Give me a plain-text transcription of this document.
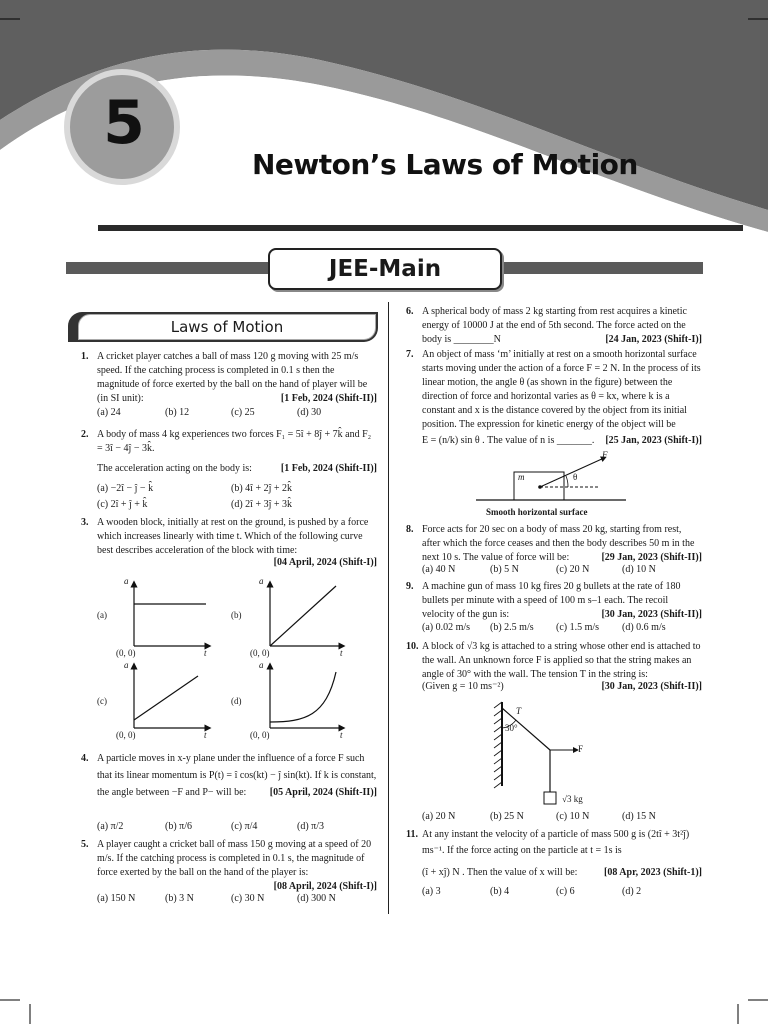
5
Newton’s Laws of Motion
JEE-Main
Laws of Motion
1. A cricket player catches a ball of mass 120 g moving with 25 m/s speed. If the catching process is completed in 0.1 s then the magnitude of force exerted by the ball on the hand of player will be (in SI unit):	[1 Feb, 2024 (Shift-II)]
(a) 24	(b) 12	(c) 25	(d) 30
2. A body of mass 4 kg experiences two forces F₁ = 5î + 8ĵ + 7k̂ and F₂ = 3î − 4ĵ − 3k̂.
The acceleration acting on the body is:	[1 Feb, 2024 (Shift-II)]
(a) −2î − ĵ − k̂	(b) 4î + 2ĵ + 2k̂
(c) 2î + ĵ + k̂	(d) 2î + 3ĵ + 3k̂
3. A wooden block, initially at rest on the ground, is pushed by a force which increases linearly with time t. Which of the following curve best describes acceleration of the block with time:
[04 April, 2024 (Shift-I)]
(a)	(b)
(c)	(d)
a	a
a	a
(0, 0)	(0, 0)
(0, 0)	(0, 0)
t	t
t	t
4. A particle moves in x-y plane under the influence of a force F such that its linear momentum is P(t) = î cos(kt) − ĵ sin(kt). If k is constant, the angle between −F and P− will be: [05 April, 2024 (Shift-II)]
(a) π/2	(b) π/6	(c) π/4	(d) π/3
5. A player caught a cricket ball of mass 150 g moving at a speed of 20 m/s. If the catching process is completed in 0.1 s, the magnitude of force exerted by the ball on the hand of the player is:
[08 April, 2024 (Shift-I)]
(a) 150 N	(b) 3 N	(c) 30 N	(d) 300 N
6. A spherical body of mass 2 kg starting from rest acquires a kinetic energy of 10000 J at the end of 5th second. The force acted on the body is ________N	[24 Jan, 2023 (Shift-I)]
7. An object of mass ‘m’ initially at rest on a smooth horizontal surface starts moving under the action of a force F = 2 N. In the process of its linear motion, the angle θ (as shown in the figure) between the direction of force and horizontal varies as θ = kx, where k is a constant and x is the distance covered by the object from its initial position. The expression for kinetic energy of the object will be
E = (n/k) sin θ . The value of n is _______. [25 Jan, 2023 (Shift-I)]
m
F
θ
Smooth horizontal surface
8. Force acts for 20 sec on a body of mass 20 kg, starting from rest, after which the force ceases and then the body describes 50 m in the next 10 s. The value of force will be:	[29 Jan, 2023 (Shift-II)]
(a) 40 N	(b) 5 N	(c) 20 N	(d) 10 N
9. A machine gun of mass 10 kg fires 20 g bullets at the rate of 180 bullets per minute with a speed of 100 m s–1 each. The recoil velocity of the gun is:	[30 Jan, 2023 (Shift-II)]
(a) 0.02 m/s (b) 2.5 m/s (c) 1.5 m/s (d) 0.6 m/s
10. A block of √3 kg is attached to a string whose other end is attached to the wall. An unknown force F is applied so that the string makes an angle of 30° with the wall. The tension T in the string is:
(Given g = 10 ms⁻²)	[30 Jan, 2023 (Shift-II)]
T
30°
F
√3 kg
(a) 20 N	(b) 25 N	(c) 10 N	(d) 15 N
11. At any instant the velocity of a particle of mass 500 g is (2tî + 3t²ĵ) ms⁻¹. If the force acting on the particle at t = 1s is
(î + xĵ) N . Then the value of x will be:	[08 Apr, 2023 (Shift-1)]
(a) 3	(b) 4	(c) 6	(d) 2
